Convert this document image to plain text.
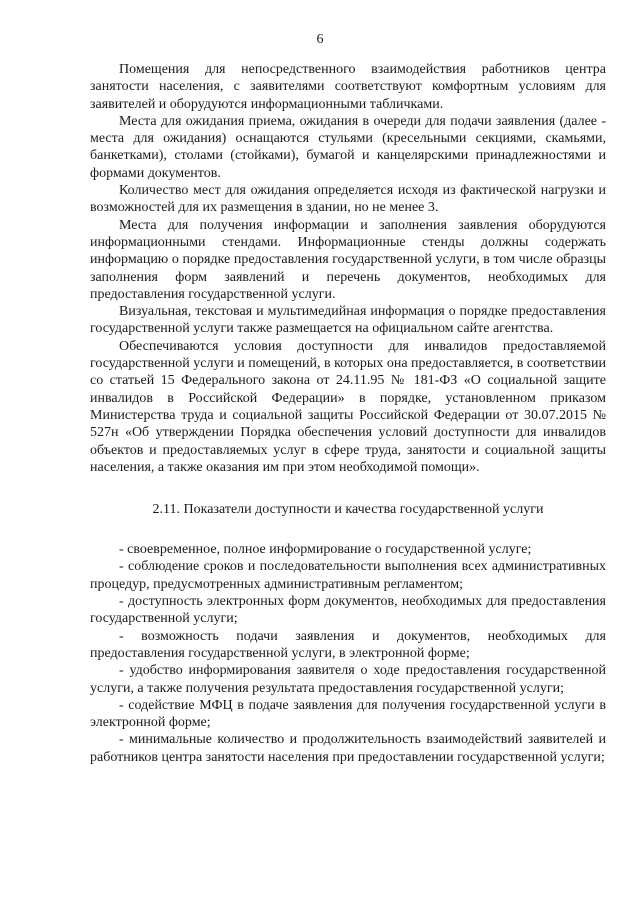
6

Помещения для непосредственного взаимодействия работников центра занятости населения, с заявителями соответствуют комфортным условиям для заявителей и оборудуются информационными табличками.

Места для ожидания приема, ожидания в очереди для подачи заявления (далее - места для ожидания) оснащаются стульями (кресельными секциями, скамьями, банкетками), столами (стойками), бумагой и канцелярскими принадлежностями и формами документов.

Количество мест для ожидания определяется исходя из фактической нагрузки и возможностей для их размещения в здании, но не менее 3.

Места для получения информации и заполнения заявления оборудуются информационными стендами. Информационные стенды должны содержать информацию о порядке предоставления государственной услуги, в том числе образцы заполнения форм заявлений и перечень документов, необходимых для предоставления государственной услуги.

Визуальная, текстовая и мультимедийная информация о порядке предоставления государственной услуги также размещается на официальном сайте агентства.

Обеспечиваются условия доступности для инвалидов предоставляемой государственной услуги и помещений, в которых она предоставляется, в соответствии со статьей 15 Федерального закона от 24.11.95 № 181-ФЗ «О социальной защите инвалидов в Российской Федерации» в порядке, установленном приказом Министерства труда и социальной защиты Российской Федерации от 30.07.2015 № 527н «Об утверждении Порядка обеспечения условий доступности для инвалидов объектов и предоставляемых услуг в сфере труда, занятости и социальной защиты населения, а также оказания им при этом необходимой помощи».

2.11. Показатели доступности и качества государственной услуги

- своевременное, полное информирование о государственной услуге;

- соблюдение сроков и последовательности выполнения всех административных процедур, предусмотренных административным регламентом;

- доступность электронных форм документов, необходимых для предоставления государственной услуги;

- возможность подачи заявления и документов, необходимых для предоставления государственной услуги, в электронной форме;

- удобство информирования заявителя о ходе предоставления государственной услуги, а также получения результата предоставления государственной услуги;

- содействие МФЦ в подаче заявления для получения государственной услуги в электронной форме;

- минимальные количество и продолжительность взаимодействий заявителей и работников центра занятости населения при предоставлении государственной услуги;
